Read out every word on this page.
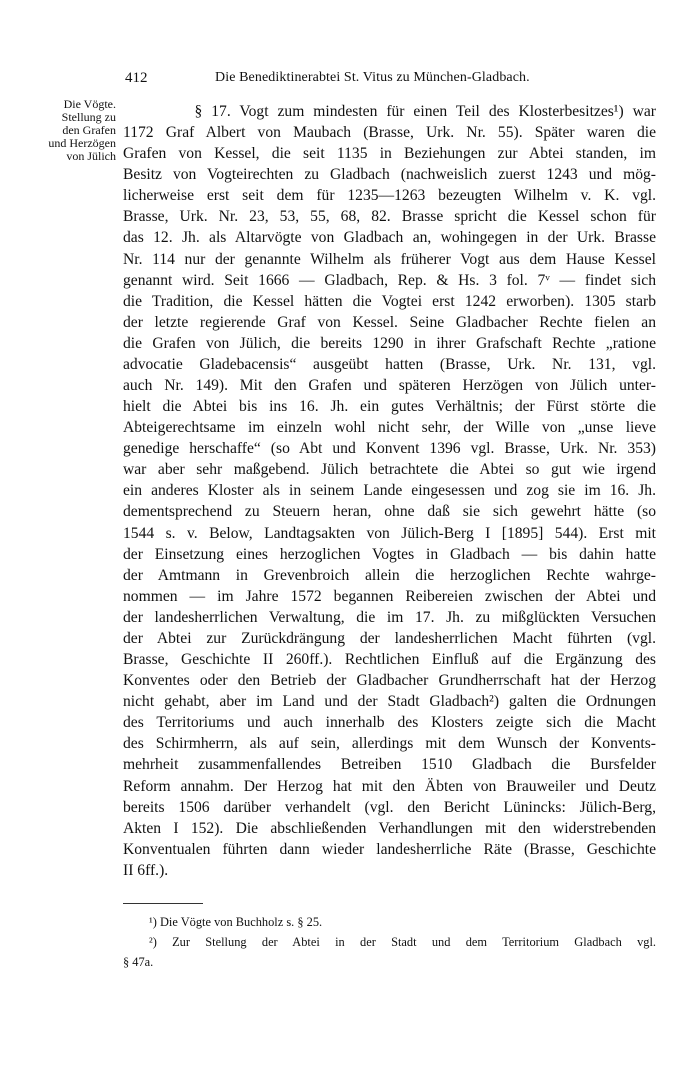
412	Die Benediktinerabtei St. Vitus zu München-Gladbach.
Die Vögte.
Stellung zu
den Grafen
und Herzögen
von Jülich
§ 17. Vogt zum mindesten für einen Teil des Klosterbesitzes¹) war
1172 Graf Albert von Maubach (Brasse, Urk. Nr. 55). Später waren die
Grafen von Kessel, die seit 1135 in Beziehungen zur Abtei standen, im
Besitz von Vogteirechten zu Gladbach (nachweislich zuerst 1243 und mög-
licherweise erst seit dem für 1235—1263 bezeugten Wilhelm v. K. vgl.
Brasse, Urk. Nr. 23, 53, 55, 68, 82. Brasse spricht die Kessel schon für
das 12. Jh. als Altarvögte von Gladbach an, wohingegen in der Urk. Brasse
Nr. 114 nur der genannte Wilhelm als früherer Vogt aus dem Hause Kessel
genannt wird. Seit 1666 — Gladbach, Rep. & Hs. 3 fol. 7ᵛ — findet sich
die Tradition, die Kessel hätten die Vogtei erst 1242 erworben). 1305 starb
der letzte regierende Graf von Kessel. Seine Gladbacher Rechte fielen an
die Grafen von Jülich, die bereits 1290 in ihrer Grafschaft Rechte „ratione
advocatie Gladebacensis“ ausgeübt hatten (Brasse, Urk. Nr. 131, vgl.
auch Nr. 149). Mit den Grafen und späteren Herzögen von Jülich unter-
hielt die Abtei bis ins 16. Jh. ein gutes Verhältnis; der Fürst störte die
Abteigerechtsame im einzeln wohl nicht sehr, der Wille von „unse lieve
genedige herschaffe“ (so Abt und Konvent 1396 vgl. Brasse, Urk. Nr. 353)
war aber sehr maßgebend. Jülich betrachtete die Abtei so gut wie irgend
ein anderes Kloster als in seinem Lande eingesessen und zog sie im 16. Jh.
dementsprechend zu Steuern heran, ohne daß sie sich gewehrt hätte (so
1544 s. v. Below, Landtagsakten von Jülich-Berg I [1895] 544). Erst mit
der Einsetzung eines herzoglichen Vogtes in Gladbach — bis dahin hatte
der Amtmann in Grevenbroich allein die herzoglichen Rechte wahrge-
nommen — im Jahre 1572 begannen Reibereien zwischen der Abtei und
der landesherrlichen Verwaltung, die im 17. Jh. zu mißglückten Versuchen
der Abtei zur Zurückdrängung der landesherrlichen Macht führten (vgl.
Brasse, Geschichte II 260ff.). Rechtlichen Einfluß auf die Ergänzung des
Konventes oder den Betrieb der Gladbacher Grundherrschaft hat der Herzog
nicht gehabt, aber im Land und der Stadt Gladbach²) galten die Ordnungen
des Territoriums und auch innerhalb des Klosters zeigte sich die Macht
des Schirmherrn, als auf sein, allerdings mit dem Wunsch der Konvents-
mehrheit zusammenfallendes Betreiben 1510 Gladbach die Bursfelder
Reform annahm. Der Herzog hat mit den Äbten von Brauweiler und Deutz
bereits 1506 darüber verhandelt (vgl. den Bericht Lünincks: Jülich-Berg,
Akten I 152). Die abschließenden Verhandlungen mit den widerstrebenden
Konventualen führten dann wieder landesherrliche Räte (Brasse, Geschichte
II 6ff.).
¹) Die Vögte von Buchholz s. § 25.
²) Zur Stellung der Abtei in der Stadt und dem Territorium Gladbach vgl.
§ 47a.
